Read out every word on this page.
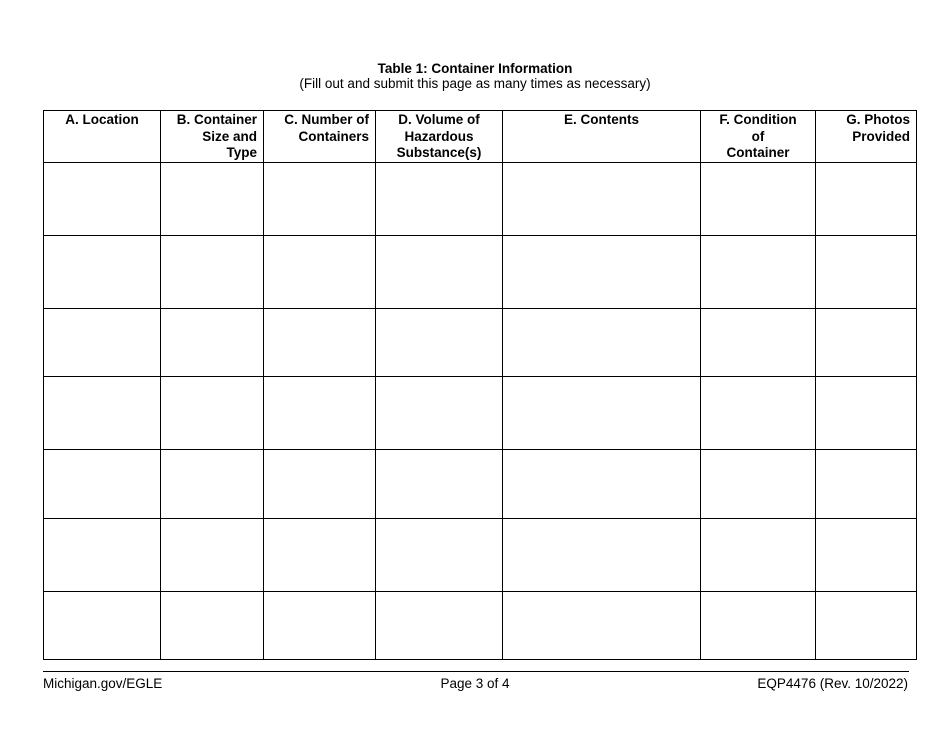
Table 1: Container Information
(Fill out and submit this page as many times as necessary)
A. Location	B. Container
Size and
Type	C. Number of
Containers	D. Volume of
Hazardous
Substance(s)	E. Contents	F. Condition
of
Container	G. Photos
Provided

Michigan.gov/EGLE	Page 3 of 4	EQP4476 (Rev. 10/2022)
